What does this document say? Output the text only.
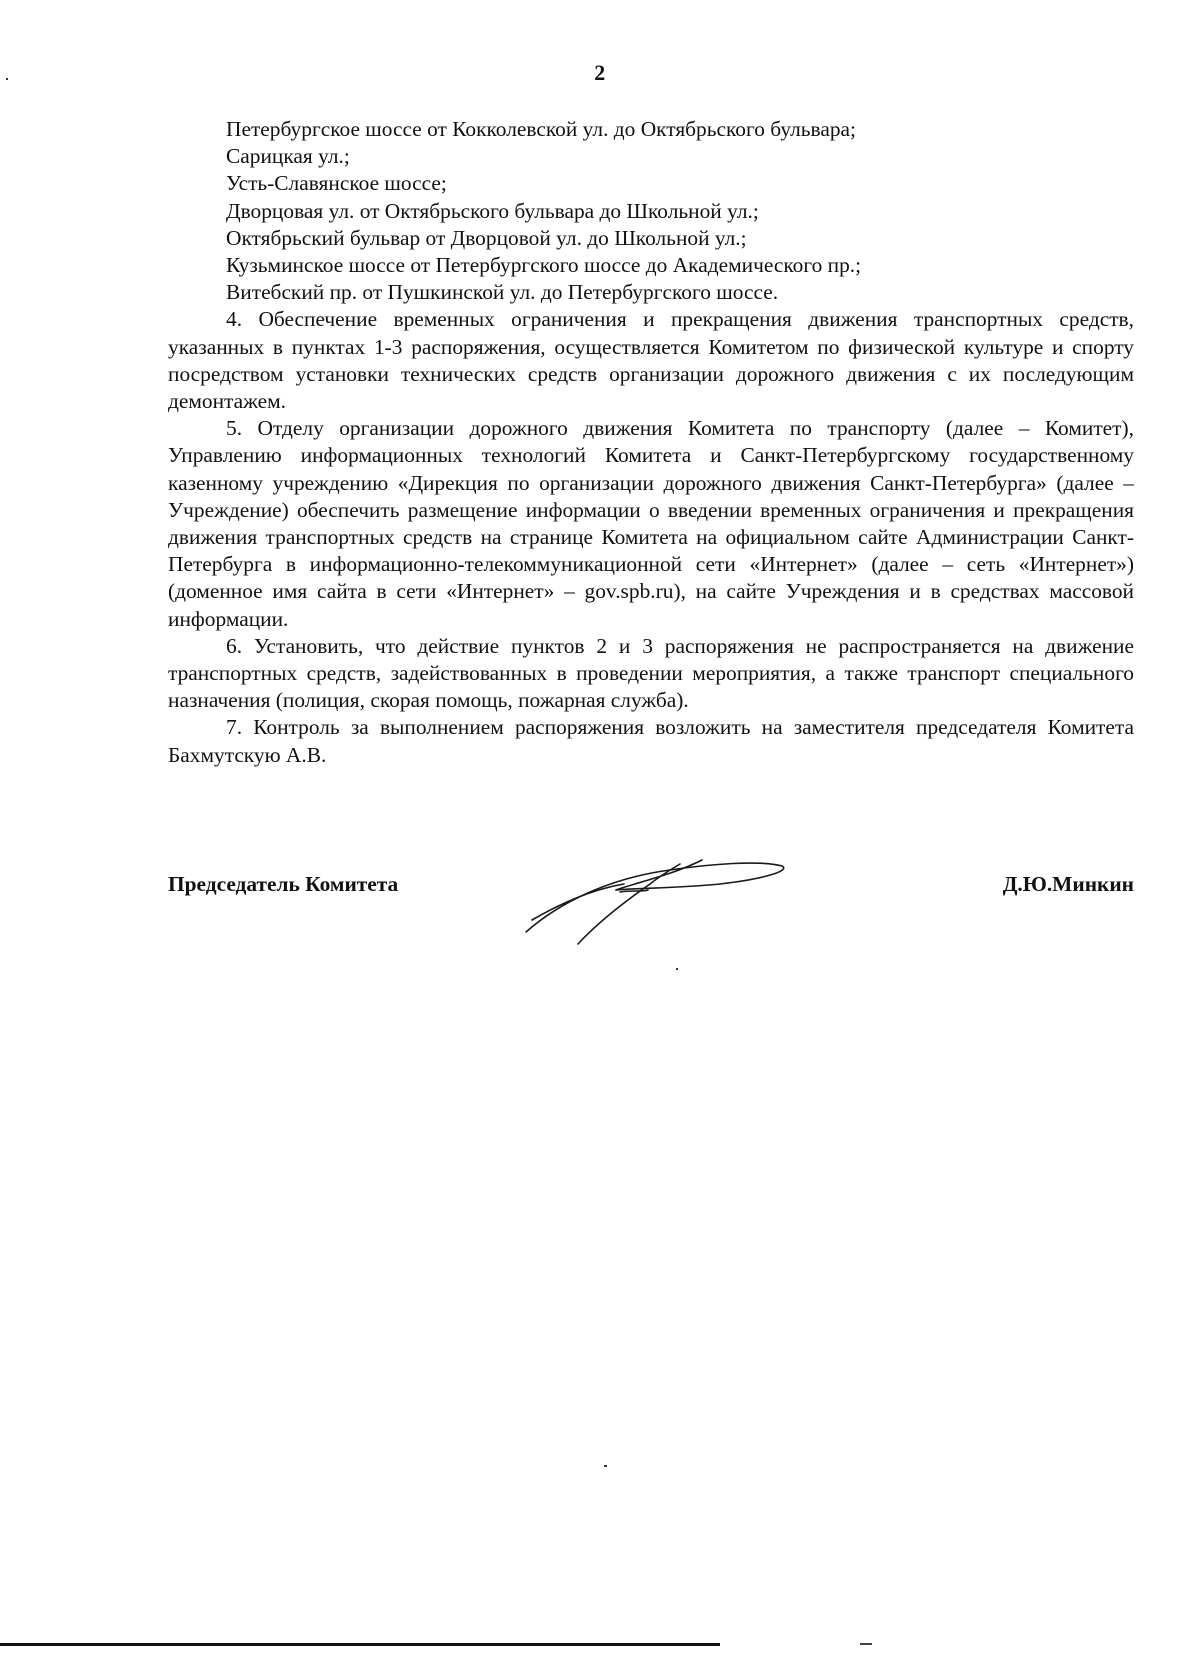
2

Петербургское шоссе от Кокколевской ул. до Октябрьского бульвара;

Сарицкая ул.;

Усть-Славянское шоссе;

Дворцовая ул. от Октябрьского бульвара до Школьной ул.;

Октябрьский бульвар от Дворцовой ул. до Школьной ул.;

Кузьминское шоссе от Петербургского шоссе до Академического пр.;

Витебский пр. от Пушкинской ул. до Петербургского шоссе.

4. Обеспечение временных ограничения и прекращения движения транспортных средств, указанных в пунктах 1-3 распоряжения, осуществляется Комитетом по физической культуре и спорту посредством установки технических средств организации дорожного движения с их последующим демонтажем.

5. Отделу организации дорожного движения Комитета по транспорту (далее – Комитет), Управлению информационных технологий Комитета и Санкт-Петербургскому государственному казенному учреждению «Дирекция по организации дорожного движения Санкт-Петербурга» (далее – Учреждение) обеспечить размещение информации о введении временных ограничения и прекращения движения транспортных средств на странице Комитета на официальном сайте Администрации Санкт-Петербурга в информационно-телекоммуникационной сети «Интернет» (далее – сеть «Интернет») (доменное имя сайта в сети «Интернет» – gov.spb.ru), на сайте Учреждения и в средствах массовой информации.

6. Установить, что действие пунктов 2 и 3 распоряжения не распространяется на движение транспортных средств, задействованных в проведении мероприятия, а также транспорт специального назначения (полиция, скорая помощь, пожарная служба).

7. Контроль за выполнением распоряжения возложить на заместителя председателя Комитета Бахмутскую А.В.

Председатель Комитета	Д.Ю.Минкин
